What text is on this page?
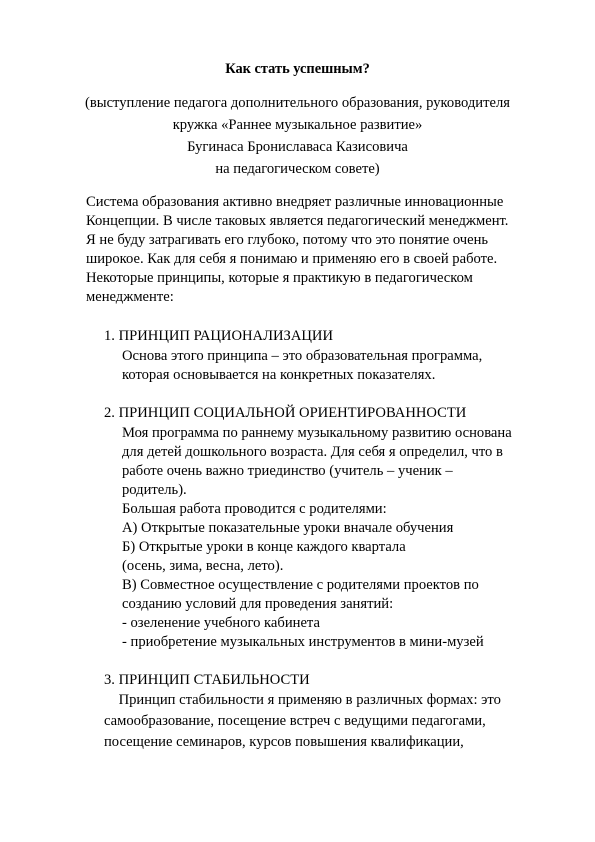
Как стать успешным?
(выступление педагога дополнительного образования, руководителя
кружка «Раннее музыкальное развитие»
Бугинаса Брониславаса Казисовича
на педагогическом совете)
Система образования активно внедряет различные инновационные
Концепции. В числе таковых является педагогический менеджмент.
Я не буду затрагивать его глубоко, потому что это понятие очень
широкое. Как для себя я понимаю и применяю его в своей работе.
Некоторые принципы, которые я практикую в педагогическом
менеджменте:
1. ПРИНЦИП РАЦИОНАЛИЗАЦИИ
Основа этого принципа – это образовательная программа,
которая основывается на конкретных показателях.
2. ПРИНЦИП СОЦИАЛЬНОЙ ОРИЕНТИРОВАННОСТИ
Моя программа по раннему музыкальному развитию основана
для детей дошкольного возраста. Для себя я определил, что в
работе очень важно триединство (учитель – ученик –
родитель).
Большая работа проводится с родителями:
А) Открытые показательные уроки вначале обучения
Б) Открытые уроки в конце каждого квартала
(осень, зима, весна, лето).
В) Совместное осуществление с родителями проектов по
созданию условий для проведения занятий:
- озеленение учебного кабинета
- приобретение музыкальных инструментов в мини-музей
3. ПРИНЦИП СТАБИЛЬНОСТИ
Принцип стабильности я применяю в различных формах: это
самообразование, посещение встреч с ведущими педагогами,
посещение семинаров, курсов повышения квалификации,
